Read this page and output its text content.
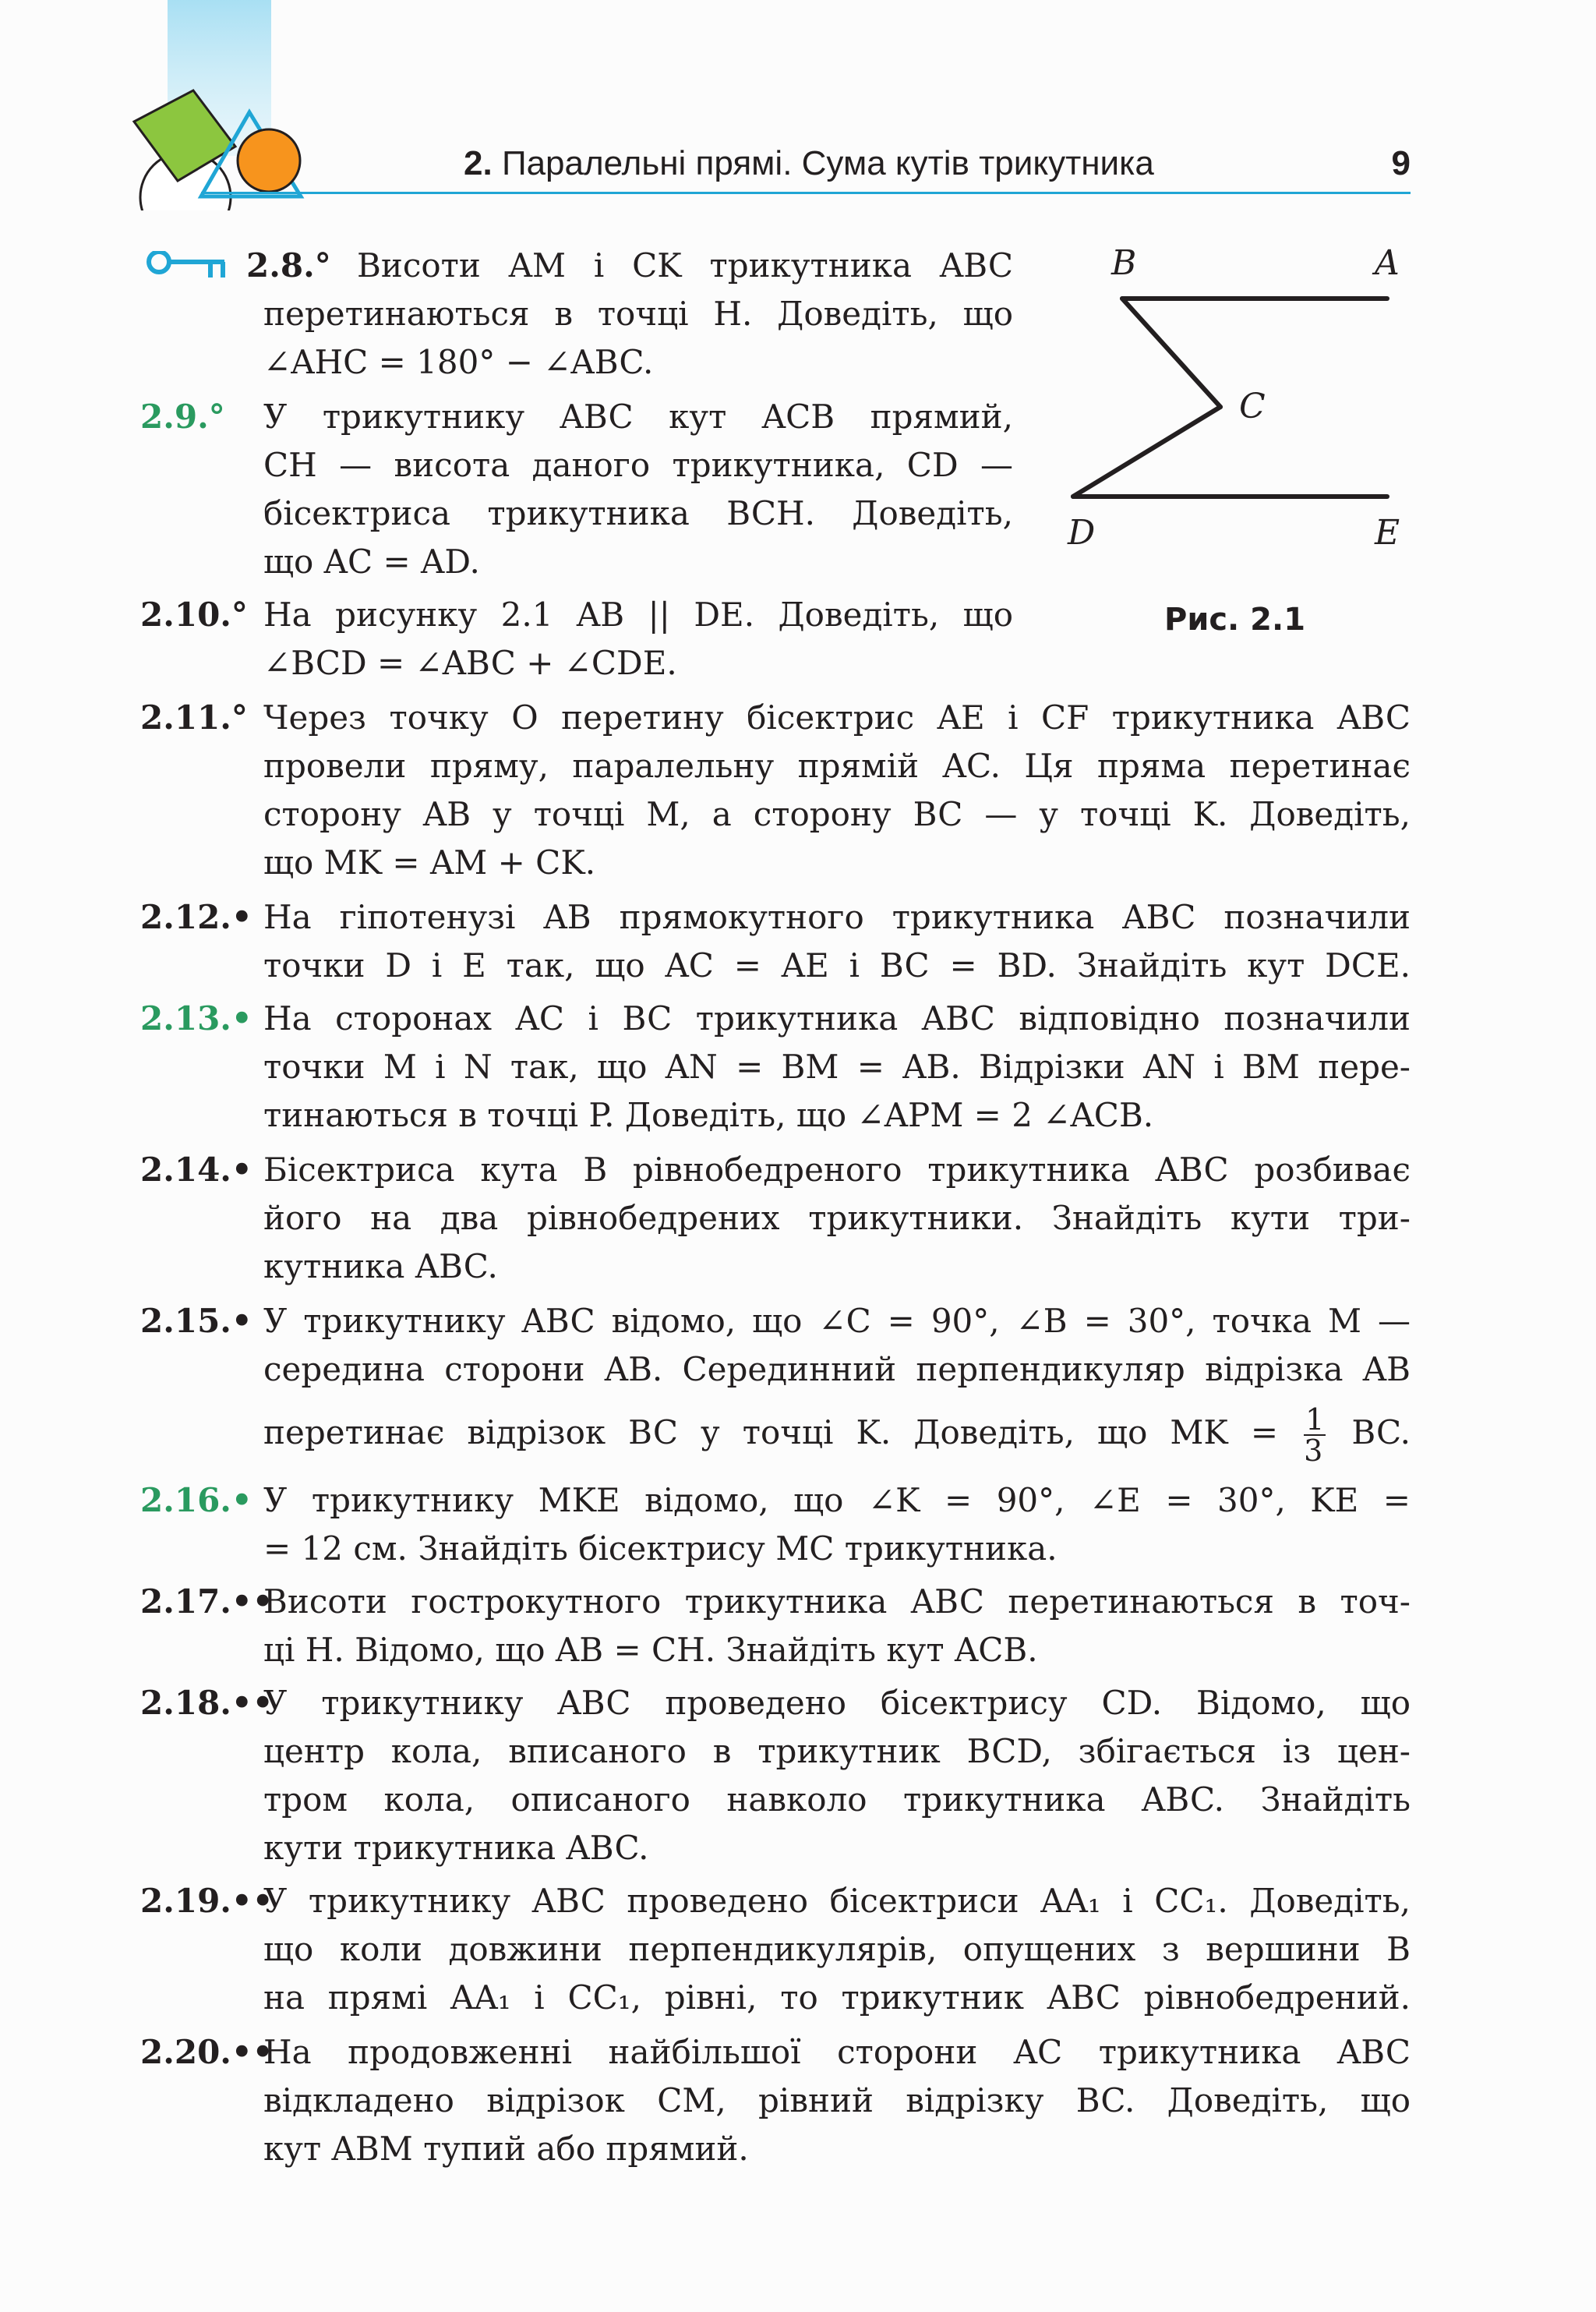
2. Паралельні прямі. Сума кутів трикутника	9
B	A
C
D	E
Рис. 2.1
2.8.° Висоти AM і CK трикутника ABC
перетинаються в точці H. Доведіть, що
∠AHC = 180° − ∠ABC.
2.9.° У трикутнику ABC кут ACB прямий,
CH — висота даного трикутника, CD —
бісектриса трикутника BCH. Доведіть,
що AC = AD.
2.10.° На рисунку 2.1 AB || DE. Доведіть, що
∠BCD = ∠ABC + ∠CDE.
2.11.° Через точку O перетину бісектрис AE і CF трикутника ABC
провели пряму, паралельну прямій AC. Ця пряма перетинає
сторону AB у точці M, а сторону BC — у точці K. Доведіть,
що MK = AM + CK.
2.12.• На гіпотенузі AB прямокутного трикутника ABC позначили
точки D і E так, що AC = AE і BC = BD. Знайдіть кут DCE.
2.13.• На сторонах AC і BC трикутника ABC відповідно позначили
точки M і N так, що AN = BM = AB. Відрізки AN і BM пере-
тинаються в точці P. Доведіть, що ∠APM = 2 ∠ACB.
2.14.• Бісектриса кута B рівнобедреного трикутника ABC розбиває
його на два рівнобедрених трикутники. Знайдіть кути три-
кутника ABC.
2.15.• У трикутнику ABC відомо, що ∠C = 90°, ∠B = 30°, точка M —
середина сторони AB. Серединний перпендикуляр відрізка AB
перетинає відрізок BC у точці K. Доведіть, що MK = $\frac{1}{3}$ BC.
2.16.• У трикутнику MKE відомо, що ∠K = 90°, ∠E = 30°, KE =
= 12 см. Знайдіть бісектрису MC трикутника.
2.17.••
Висоти гострокутного трикутника ABC перетинаються в точ-
ці H. Відомо, що AB = CH. Знайдіть кут ACB.
2.18.••
У трикутнику ABC проведено бісектрису CD. Відомо, що
центр кола, вписаного в трикутник BCD, збігається із цен-
тром кола, описаного навколо трикутника ABC. Знайдіть
кути трикутника ABC.
2.19.••
У трикутнику ABC проведено бісектриси AA₁ і CC₁. Доведіть,
що коли довжини перпендикулярів, опущених з вершини B
на прямі AA₁ і CC₁, рівні, то трикутник ABC рівнобедрений.
2.20.••
На продовженні найбільшої сторони AC трикутника ABC
відкладено відрізок CM, рівний відрізку BC. Доведіть, що
кут ABM тупий або прямий.
